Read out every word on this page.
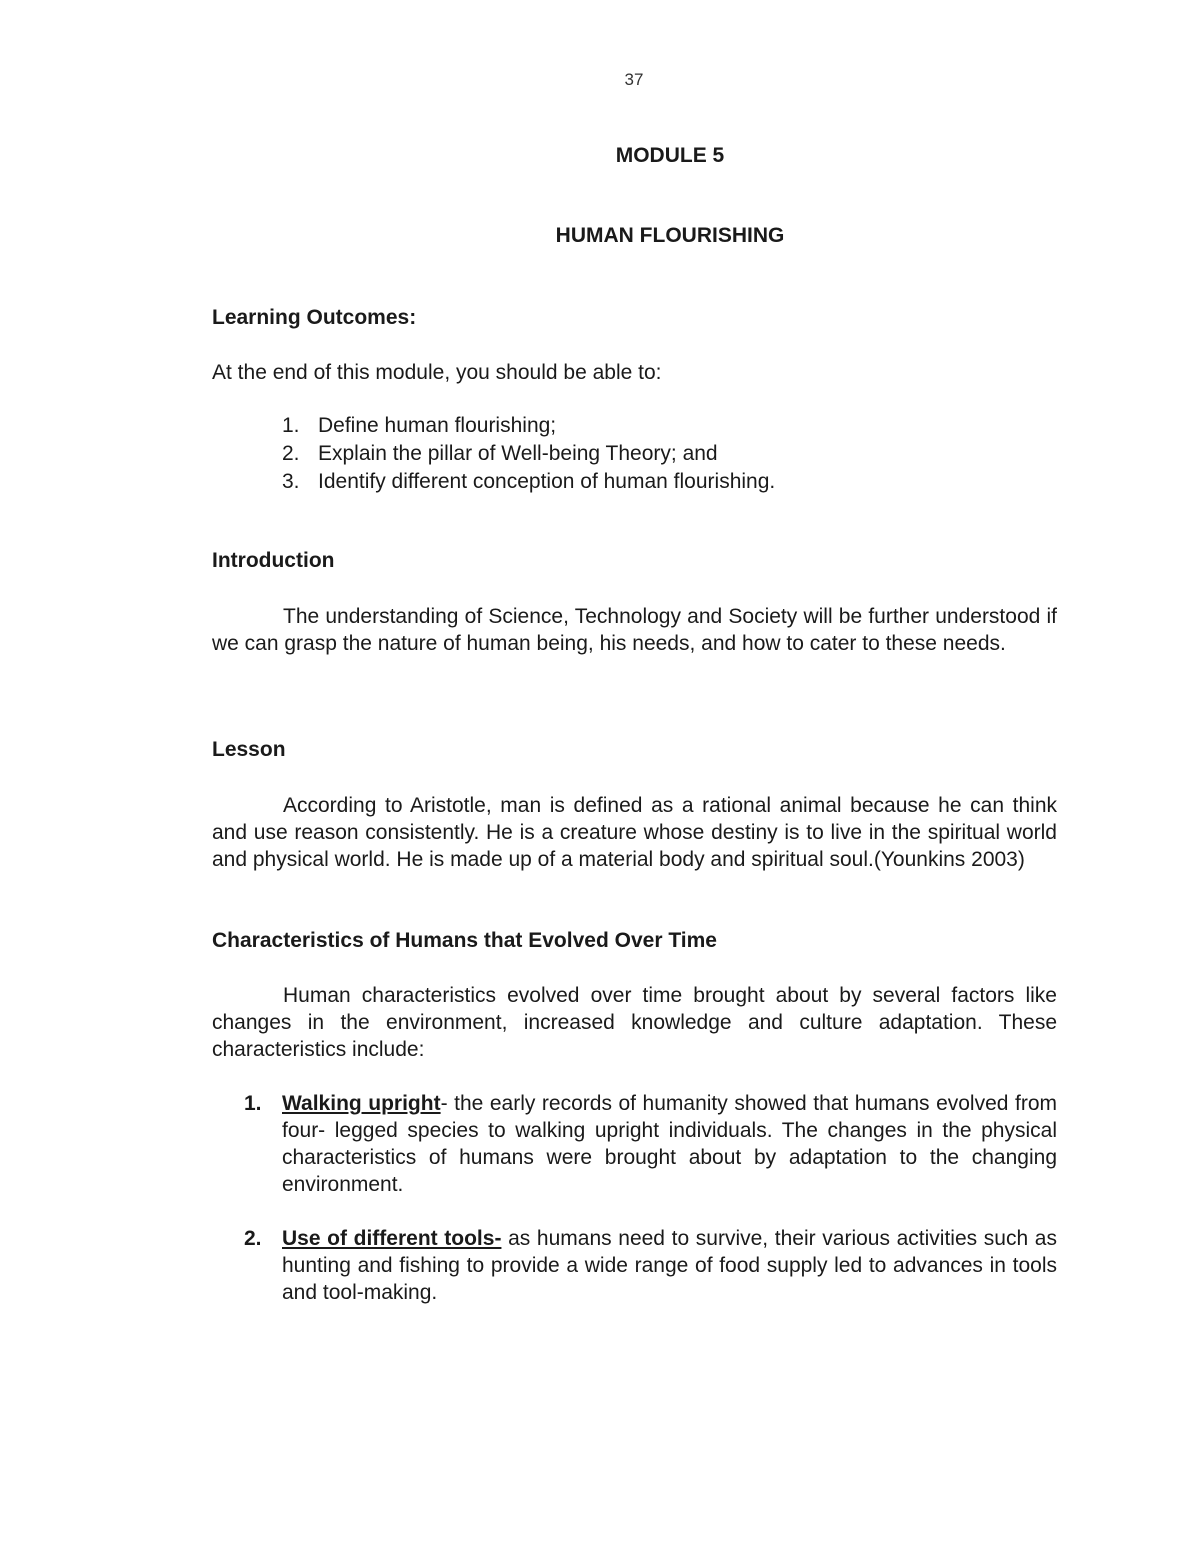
37
MODULE 5
HUMAN FLOURISHING
Learning Outcomes:
At the end of this module, you should be able to:
1. Define human flourishing;
2. Explain the pillar of Well-being Theory; and
3. Identify different conception of human flourishing.
Introduction
The understanding of Science, Technology and Society will be further understood if we can grasp the nature of human being, his needs, and how to cater to these needs.
Lesson
According to Aristotle, man is defined as a rational animal because he can think and use reason consistently. He is a creature whose destiny is to live in the spiritual world and physical world. He is made up of a material body and spiritual soul.(Younkins 2003)
Characteristics of Humans that Evolved Over Time
Human characteristics evolved over time brought about by several factors like changes in the environment, increased knowledge and culture adaptation. These characteristics include:
1. Walking upright- the early records of humanity showed that humans evolved from four- legged species to walking upright individuals. The changes in the physical characteristics of humans were brought about by adaptation to the changing environment.
2. Use of different tools- as humans need to survive, their various activities such as hunting and fishing to provide a wide range of food supply led to advances in tools and tool-making.
